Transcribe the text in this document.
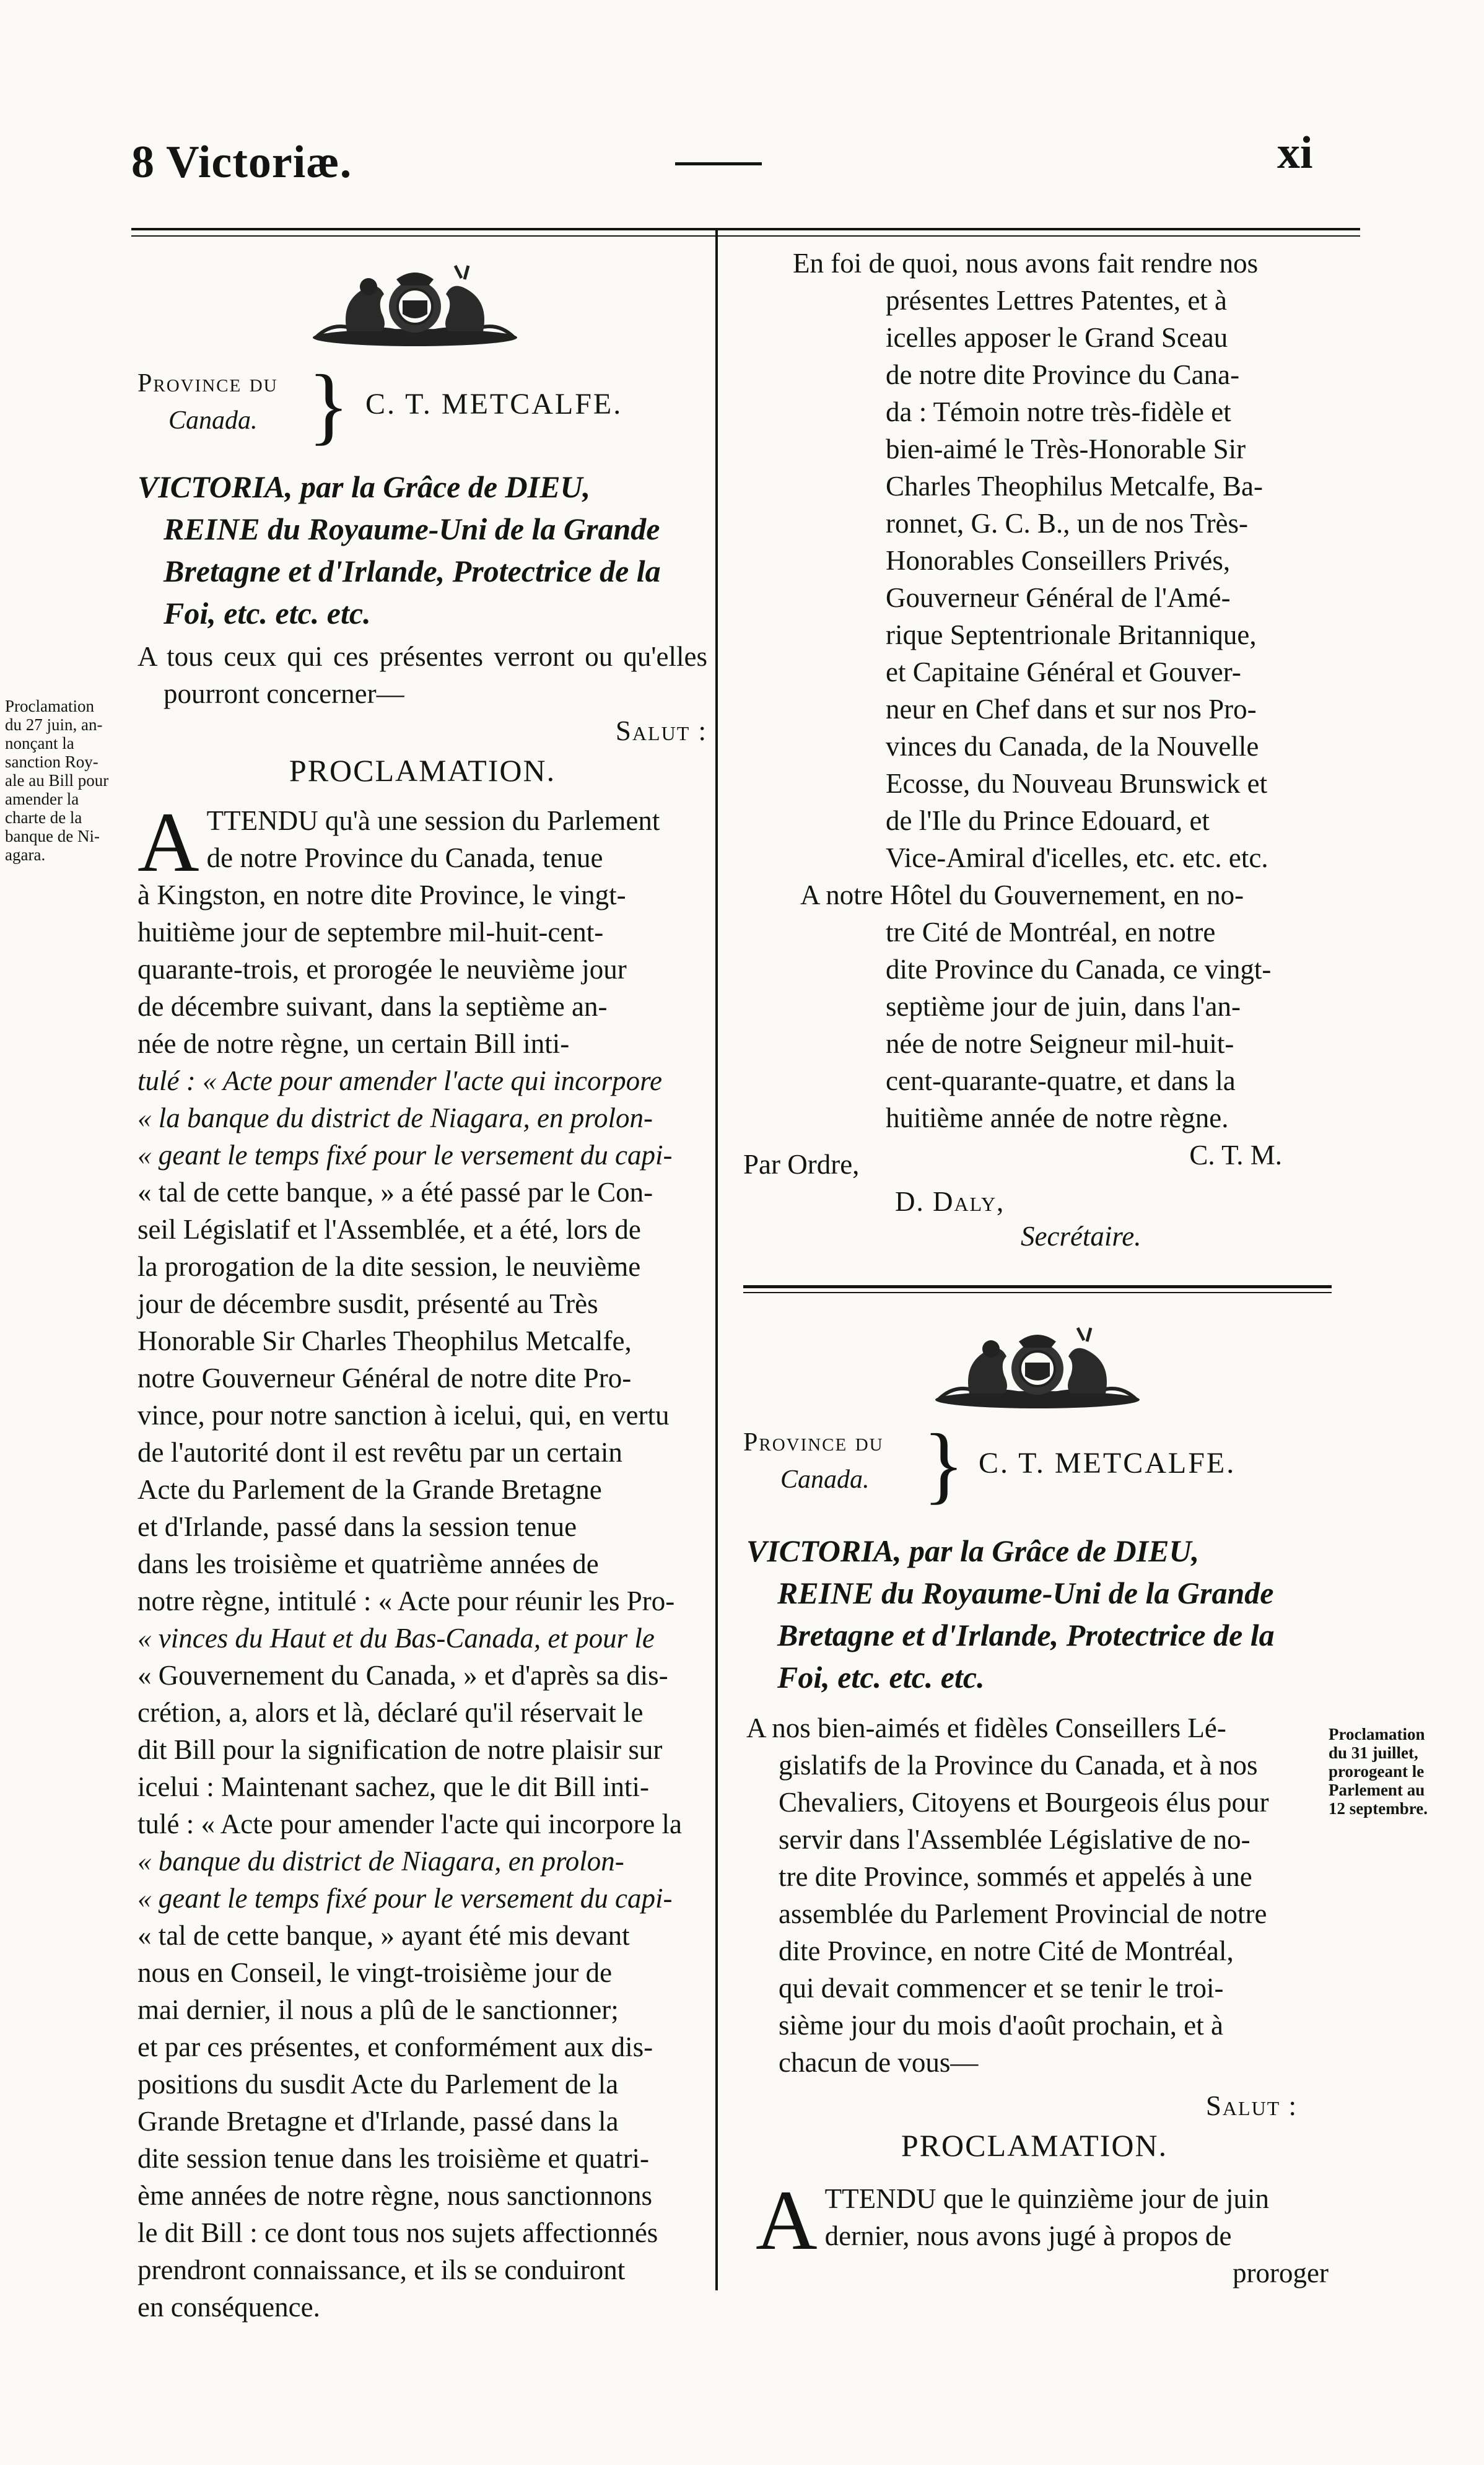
8 Victoriæ.	xi
Proclamation
du 27 juin, an-
nonçant la
sanction Roy-
ale au Bill pour
amender la
charte de la
banque de Ni-
agara.
Proclamation
du 31 juillet,
prorogeant le
Parlement au
12 septembre.
Province du
Canada. } C. T. METCALFE.
VICTORIA, par la Grâce de DIEU,
REINE du Royaume-Uni de la Grande
Bretagne et d'Irlande, Protectrice de la
Foi, etc. etc. etc.

A tous ceux qui ces présentes verront ou qu'elles pourront concerner—

Salut :
PROCLAMATION.
A TTENDU qu'à une session du Parlement
de notre Province du Canada, tenue
à Kingston, en notre dite Province, le vingt-
huitième jour de septembre mil-huit-cent-
quarante-trois, et prorogée le neuvième jour
de décembre suivant, dans la septième an-
née de notre règne, un certain Bill inti-
tulé : « Acte pour amender l'acte qui incorpore
« la banque du district de Niagara, en prolon-
« geant le temps fixé pour le versement du capi-
« tal de cette banque, » a été passé par le Con-
seil Législatif et l'Assemblée, et a été, lors de
la prorogation de la dite session, le neuvième
jour de décembre susdit, présenté au Très
Honorable Sir Charles Theophilus Metcalfe,
notre Gouverneur Général de notre dite Pro-
vince, pour notre sanction à icelui, qui, en vertu
de l'autorité dont il est revêtu par un certain
Acte du Parlement de la Grande Bretagne
et d'Irlande, passé dans la session tenue
dans les troisième et quatrième années de
notre règne, intitulé : « Acte pour réunir les Pro-
« vinces du Haut et du Bas-Canada, et pour le
« Gouvernement du Canada, » et d'après sa dis-
crétion, a, alors et là, déclaré qu'il réservait le
dit Bill pour la signification de notre plaisir sur
icelui : Maintenant sachez, que le dit Bill inti-
tulé : « Acte pour amender l'acte qui incorpore la
« banque du district de Niagara, en prolon-
« geant le temps fixé pour le versement du capi-
« tal de cette banque, » ayant été mis devant
nous en Conseil, le vingt-troisième jour de
mai dernier, il nous a plû de le sanctionner;
et par ces présentes, et conformément aux dis-
positions du susdit Acte du Parlement de la
Grande Bretagne et d'Irlande, passé dans la
dite session tenue dans les troisième et quatri-
ème années de notre règne, nous sanctionnons
le dit Bill : ce dont tous nos sujets affectionnés
prendront connaissance, et ils se conduiront
en conséquence.
En foi de quoi, nous avons fait rendre nos
présentes Lettres Patentes, et à
icelles apposer le Grand Sceau
de notre dite Province du Cana-
da : Témoin notre très-fidèle et
bien-aimé le Très-Honorable Sir
Charles Theophilus Metcalfe, Ba-
ronnet, G. C. B., un de nos Très-
Honorables Conseillers Privés,
Gouverneur Général de l'Amé-
rique Septentrionale Britannique,
et Capitaine Général et Gouver-
neur en Chef dans et sur nos Pro-
vinces du Canada, de la Nouvelle
Ecosse, du Nouveau Brunswick et
de l'Ile du Prince Edouard, et
Vice-Amiral d'icelles, etc. etc. etc.
A notre Hôtel du Gouvernement, en no-
tre Cité de Montréal, en notre
dite Province du Canada, ce vingt-
septième jour de juin, dans l'an-
née de notre Seigneur mil-huit-
cent-quarante-quatre, et dans la
huitième année de notre règne.
C. T. M.
Par Ordre,
D. Daly,
Secrétaire.
Province du
Canada. } C. T. METCALFE.
VICTORIA, par la Grâce de DIEU,
REINE du Royaume-Uni de la Grande
Bretagne et d'Irlande, Protectrice de la
Foi, etc. etc. etc.
A nos bien-aimés et fidèles Conseillers Lé-
gislatifs de la Province du Canada, et à nos
Chevaliers, Citoyens et Bourgeois élus pour
servir dans l'Assemblée Législative de no-
tre dite Province, sommés et appelés à une
assemblée du Parlement Provincial de notre
dite Province, en notre Cité de Montréal,
qui devait commencer et se tenir le troi-
sième jour du mois d'août prochain, et à
chacun de vous—
Salut :
PROCLAMATION.
A TTENDU que le quinzième jour de juin
dernier, nous avons jugé à propos de
proroger
